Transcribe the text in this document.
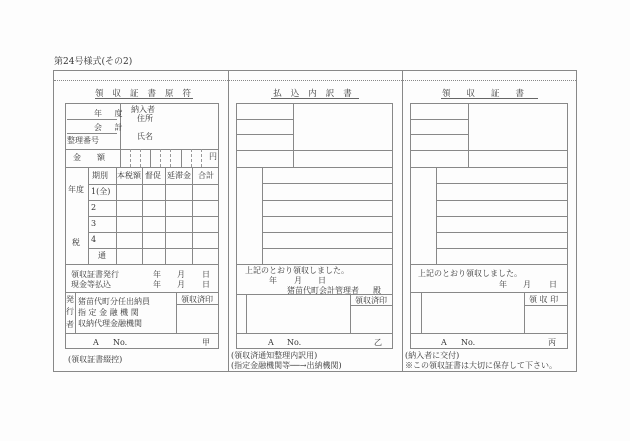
第24号様式(その2)
領収証書原符
年 度
会 計
整理番号
納入者
住所
氏名
金　　額	円
年度
税
期別 本税額 督促 延滞金 合計
1(全)
2
3
4
通
領収証書発行
現金等払込
年 月 日
年 月 日
発
行
者
猪苗代町分任出納員
指 定 金 融 機 関
収納代理金融機関
領収済印
A No.	甲
(領収証書綴控)
払込内訳書
上記のとおり領収しました。
年 月 日
猪苗代町会計管理者 殿
領収済印
A No.	乙
(領収済通知整理内訳用)
(指定金融機関等──→出納機関)
領収証書
上記のとおり領収しました。
年 月 日
領 収 印
A No.	丙
(納入者に交付)
※この領収証書は大切に保存して下さい。
